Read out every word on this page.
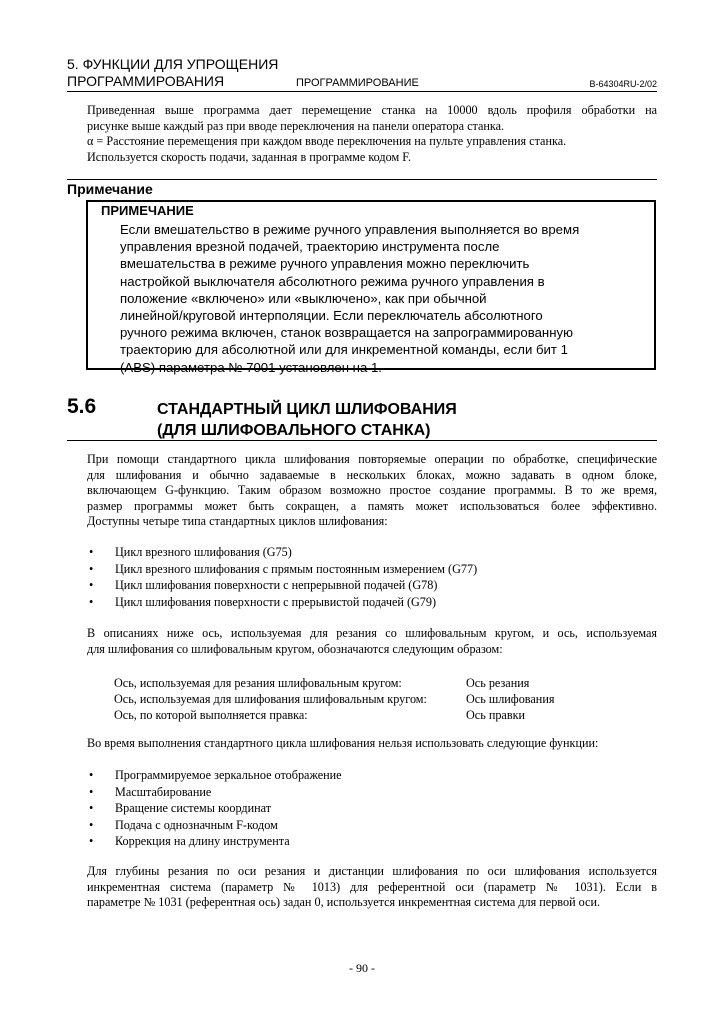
5. ФУНКЦИИ ДЛЯ УПРОЩЕНИЯ
ПРОГРАММИРОВАНИЯ	ПРОГРАММИРОВАНИЕ	B-64304RU-2/02
Приведенная выше программа дает перемещение станка на 10000 вдоль профиля обработки на
рисунке выше каждый раз при вводе переключения на панели оператора станка.
α = Расстояние перемещения при каждом вводе переключения на пульте управления станка.
Используется скорость подачи, заданная в программе кодом F.
Примечание
ПРИМЕЧАНИЕ
Если вмешательство в режиме ручного управления выполняется во время
управления врезной подачей, траекторию инструмента после
вмешательства в режиме ручного управления можно переключить
настройкой выключателя абсолютного режима ручного управления в
положение «включено» или «выключено», как при обычной
линейной/круговой интерполяции. Если переключатель абсолютного
ручного режима включен, станок возвращается на запрограммированную
траекторию для абсолютной или для инкрементной команды, если бит 1
(ABS) параметра № 7001 установлен на 1.
5.6	СТАНДАРТНЫЙ ЦИКЛ ШЛИФОВАНИЯ
(ДЛЯ ШЛИФОВАЛЬНОГО СТАНКА)
При помощи стандартного цикла шлифования повторяемые операции по обработке, специфические
для шлифования и обычно задаваемые в нескольких блоках, можно задавать в одном блоке,
включающем G-функцию. Таким образом возможно простое создание программы. В то же время,
размер программы может быть сокращен, а память может использоваться более эффективно.
Доступны четыре типа стандартных циклов шлифования:
• Цикл врезного шлифования (G75)
• Цикл врезного шлифования с прямым постоянным измерением (G77)
• Цикл шлифования поверхности с непрерывной подачей (G78)
• Цикл шлифования поверхности с прерывистой подачей (G79)
В описаниях ниже ось, используемая для резания со шлифовальным кругом, и ось, используемая
для шлифования со шлифовальным кругом, обозначаются следующим образом:
Ось, используемая для резания шлифовальным кругом:	Ось резания
Ось, используемая для шлифования шлифовальным кругом:	Ось шлифования
Ось, по которой выполняется правка:	Ось правки
Во время выполнения стандартного цикла шлифования нельзя использовать следующие функции:
• Программируемое зеркальное отображение
• Масштабирование
• Вращение системы координат
• Подача с однозначным F-кодом
• Коррекция на длину инструмента
Для глубины резания по оси резания и дистанции шлифования по оси шлифования используется
инкрементная система (параметр № 1013) для референтной оси (параметр № 1031). Если в
параметре № 1031 (референтная ось) задан 0, используется инкрементная система для первой оси.
- 90 -
